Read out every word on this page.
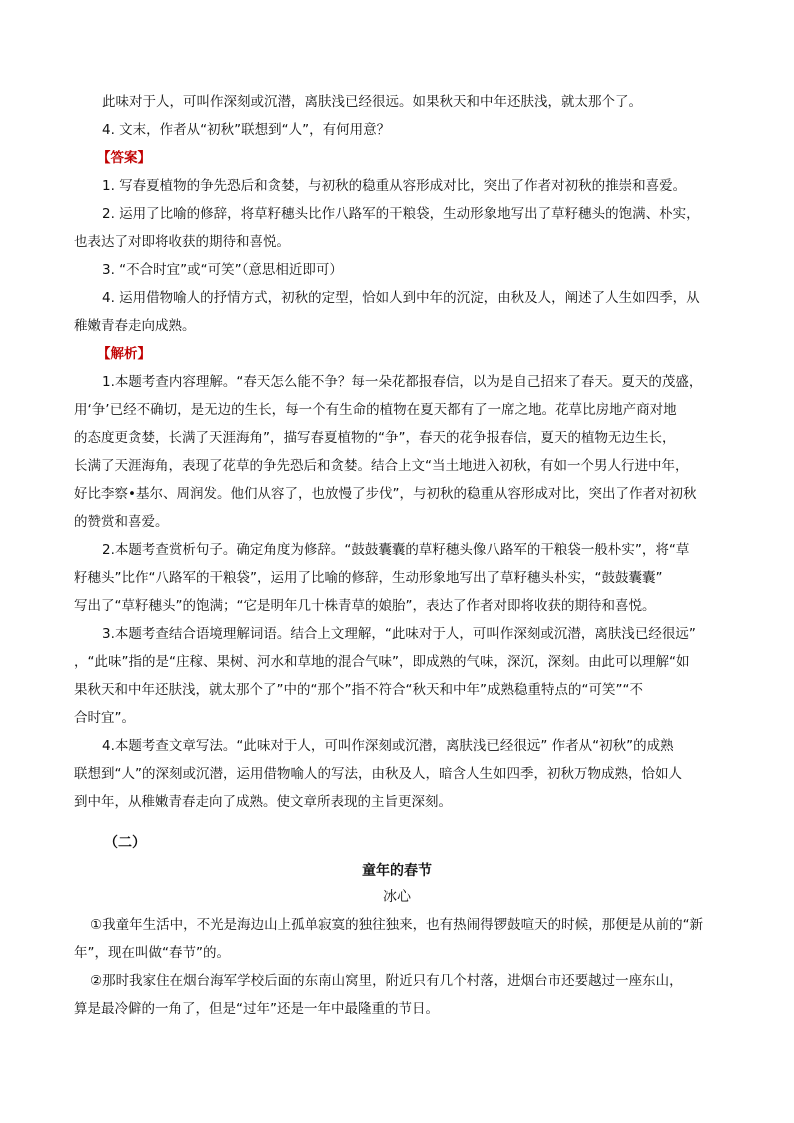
此味对于人，可叫作深刻或沉潜，离肤浅已经很远。如果秋天和中年还肤浅，就太那个了。
4. 文末，作者从“初秋”联想到“人”，有何用意？
【答案】
1. 写春夏植物的争先恐后和贪婪，与初秋的稳重从容形成对比，突出了作者对初秋的推崇和喜爱。
2. 运用了比喻的修辞，将草籽穗头比作八路军的干粮袋，生动形象地写出了草籽穗头的饱满、朴实，
也表达了对即将收获的期待和喜悦。
3. “不合时宜”或“可笑”（意思相近即可）
4. 运用借物喻人的抒情方式，初秋的定型，恰如人到中年的沉淀，由秋及人，阐述了人生如四季，从
稚嫩青春走向成熟。
【解析】
1.本题考查内容理解。“春天怎么能不争？每一朵花都报春信，以为是自己招来了春天。夏天的茂盛，
用‘争’已经不确切，是无边的生长，每一个有生命的植物在夏天都有了一席之地。花草比房地产商对地
的态度更贪婪，长满了天涯海角”，描写春夏植物的“争”，春天的花争报春信，夏天的植物无边生长，
长满了天涯海角，表现了花草的争先恐后和贪婪。结合上文“当土地进入初秋，有如一个男人行进中年，
好比李察•基尔、周润发。他们从容了，也放慢了步伐”，与初秋的稳重从容形成对比，突出了作者对初秋
的赞赏和喜爱。
2.本题考查赏析句子。确定角度为修辞。“鼓鼓囊囊的草籽穗头像八路军的干粮袋一般朴实”，将“草
籽穗头”比作“八路军的干粮袋”，运用了比喻的修辞，生动形象地写出了草籽穗头朴实，“鼓鼓囊囊”
写出了“草籽穗头”的饱满；“它是明年几十株青草的娘胎”，表达了作者对即将收获的期待和喜悦。
3.本题考查结合语境理解词语。结合上文理解，“此味对于人，可叫作深刻或沉潜，离肤浅已经很远”
，“此味”指的是“庄稼、果树、河水和草地的混合气味”，即成熟的气味，深沉，深刻。由此可以理解“如
果秋天和中年还肤浅，就太那个了”中的“那个”指不符合“秋天和中年”成熟稳重特点的“可笑”“不
合时宜”。
4.本题考查文章写法。“此味对于人，可叫作深刻或沉潜，离肤浅已经很远” 作者从“初秋”的成熟
联想到“人”的深刻或沉潜，运用借物喻人的写法，由秋及人，暗含人生如四季，初秋万物成熟，恰如人
到中年，从稚嫩青春走向了成熟。使文章所表现的主旨更深刻。
（二）
童年的春节
冰心
①我童年生活中，不光是海边山上孤单寂寞的独往独来，也有热闹得锣鼓喧天的时候，那便是从前的“新
年”，现在叫做“春节”的。
②那时我家住在烟台海军学校后面的东南山窝里，附近只有几个村落，进烟台市还要越过一座东山，
算是最冷僻的一角了，但是“过年”还是一年中最隆重的节日。
